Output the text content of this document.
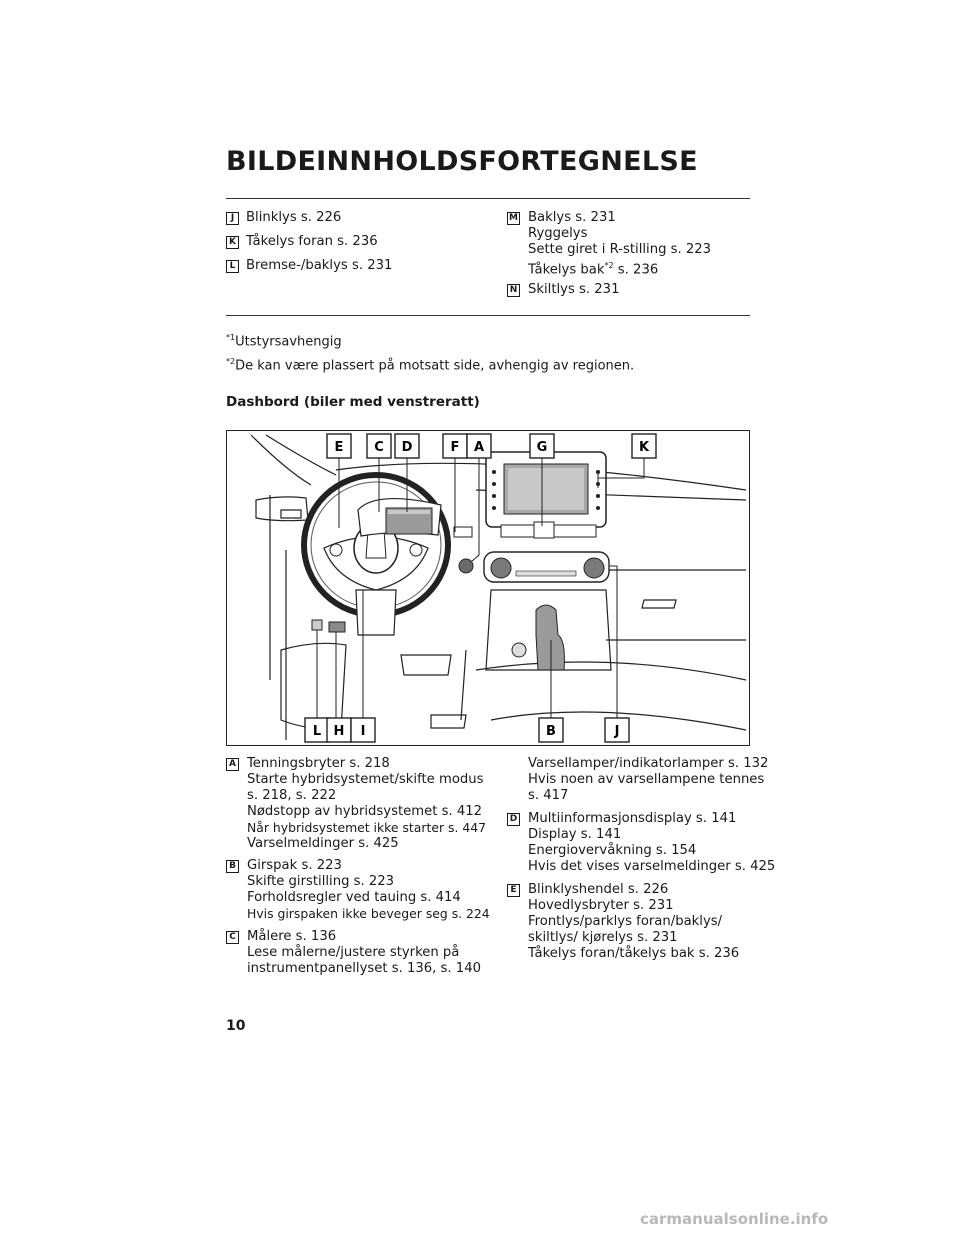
BILDEINNHOLDSFORTEGNELSE
J Blinklys s. 226
K Tåkelys foran s. 236
L Bremse-/baklys s. 231
M Baklys s. 231
Ryggelys
Sette giret i R-stilling s. 223
Tåkelys bak$^{*2}$ s. 236
N Skiltlys s. 231
$^{*1}$Utstyrsavhengig
$^{*2}$De kan være plassert på motsatt side, avhengig av regionen.
Dashbord (biler med venstreratt)
E C D	F A	G	K
L H I	B	J
A Tenningsbryter s. 218
Starte hybridsystemet/skifte modus
s. 218, s. 222
Nødstopp av hybridsystemet s. 412
Når hybridsystemet ikke starter s. 447
Varselmeldinger s. 425
B Girspak s. 223
Skifte girstilling s. 223
Forholdsregler ved tauing s. 414
Hvis girspaken ikke beveger seg s. 224
C Målere s. 136
Lese målerne/justere styrken på
instrumentpanellyset s. 136, s. 140
Varsellamper/indikatorlamper s. 132
Hvis noen av varsellampene tennes
s. 417
D Multiinformasjonsdisplay s. 141
Display s. 141
Energiovervåkning s. 154
Hvis det vises varselmeldinger s. 425
E Blinklyshendel s. 226
Hovedlysbryter s. 231
Frontlys/parklys foran/baklys/
skiltlys/ kjørelys s. 231
Tåkelys foran/tåkelys bak s. 236
10
carmanualsonline.info
